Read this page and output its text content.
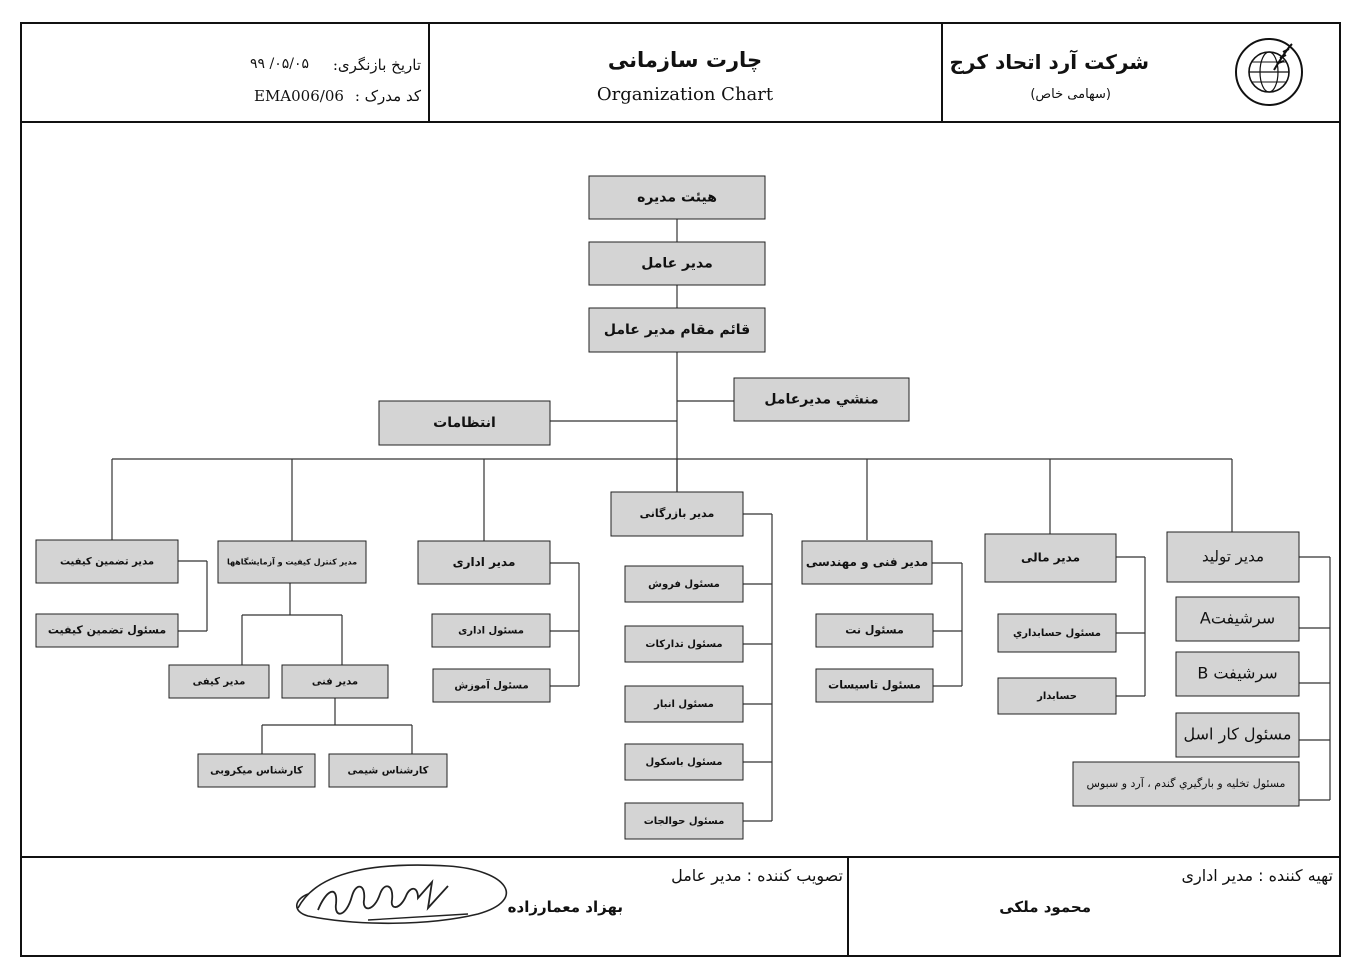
شرکت آرد اتحاد کرج
(سهامی خاص)
چارت سازمانی
Organization Chart
تاریخ بازنگری:
۹۹ /۰۵/۰۵
کد مدرک :
EMA006/06
هیئت مدیره
مدیر عامل
قائم مقام مدیر عامل
منشي مديرعامل
انتظامات
مدیر تضمین کیفیت
مسئول تضمین کیفیت
مدیر کنترل کیفیت و آزمایشگاهها
مدیر کیفی	مدیر فنی
کارشناس میکروبی	کارشناس شیمی
مدیر اداری
مسئول اداری
مسئول آموزش
مدیر بازرگانی
مسئول فروش
مسئول تدارکات
مسئول انبار
مسئول باسکول
مسئول حوالجات
مدیر فنی و مهندسی
مسئول نت
مسئول تاسیسات
مدیر مالی
مسئول حسابداري
حسابدار
مدير توليد
سرشیفتA
سرشیفت B
مسئول کار اسل
مسئول تخلیه و بارگیري گندم ، آرد و سبوس
تهیه کننده : مدیر اداری
محمود ملکی
تصویب کننده : مدیر عامل
بهزاد معمارزاده
